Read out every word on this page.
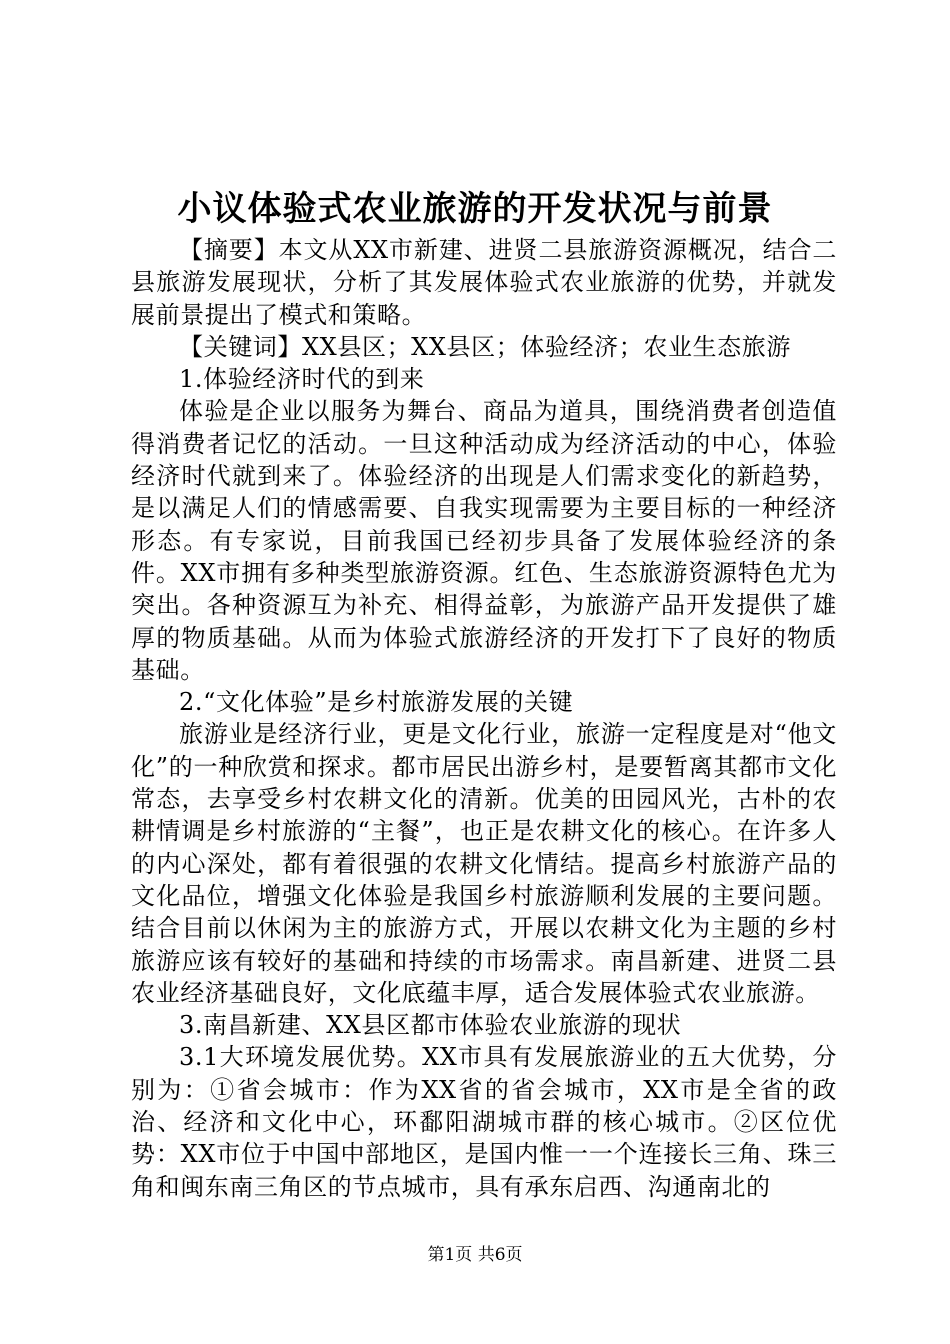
小议体验式农业旅游的开发状况与前景

【摘要】本文从XX市新建、进贤二县旅游资源概况，结合二县旅游发展现状，分析了其发展体验式农业旅游的优势，并就发展前景提出了模式和策略。

【关键词】XX县区；XX县区；体验经济；农业生态旅游

1.体验经济时代的到来

体验是企业以服务为舞台、商品为道具，围绕消费者创造值得消费者记忆的活动。一旦这种活动成为经济活动的中心，体验经济时代就到来了。体验经济的出现是人们需求变化的新趋势，是以满足人们的情感需要、自我实现需要为主要目标的一种经济形态。有专家说，目前我国已经初步具备了发展体验经济的条件。XX市拥有多种类型旅游资源。红色、生态旅游资源特色尤为突出。各种资源互为补充、相得益彰，为旅游产品开发提供了雄厚的物质基础。从而为体验式旅游经济的开发打下了良好的物质基础。

2.“文化体验”是乡村旅游发展的关键

旅游业是经济行业，更是文化行业，旅游一定程度是对“他文化”的一种欣赏和探求。都市居民出游乡村，是要暂离其都市文化常态，去享受乡村农耕文化的清新。优美的田园风光，古朴的农耕情调是乡村旅游的“主餐”，也正是农耕文化的核心。在许多人的内心深处，都有着很强的农耕文化情结。提高乡村旅游产品的文化品位，增强文化体验是我国乡村旅游顺利发展的主要问题。结合目前以休闲为主的旅游方式，开展以农耕文化为主题的乡村旅游应该有较好的基础和持续的市场需求。南昌新建、进贤二县农业经济基础良好，文化底蕴丰厚，适合发展体验式农业旅游。

3.南昌新建、XX县区都市体验农业旅游的现状

3.1大环境发展优势。XX市具有发展旅游业的五大优势，分别为：①省会城市：作为XX省的省会城市，XX市是全省的政治、经济和文化中心，环鄱阳湖城市群的核心城市。②区位优势：XX市位于中国中部地区，是国内惟一一个连接长三角、珠三角和闽东南三角区的节点城市，具有承东启西、沟通南北的

第1页 共6页
